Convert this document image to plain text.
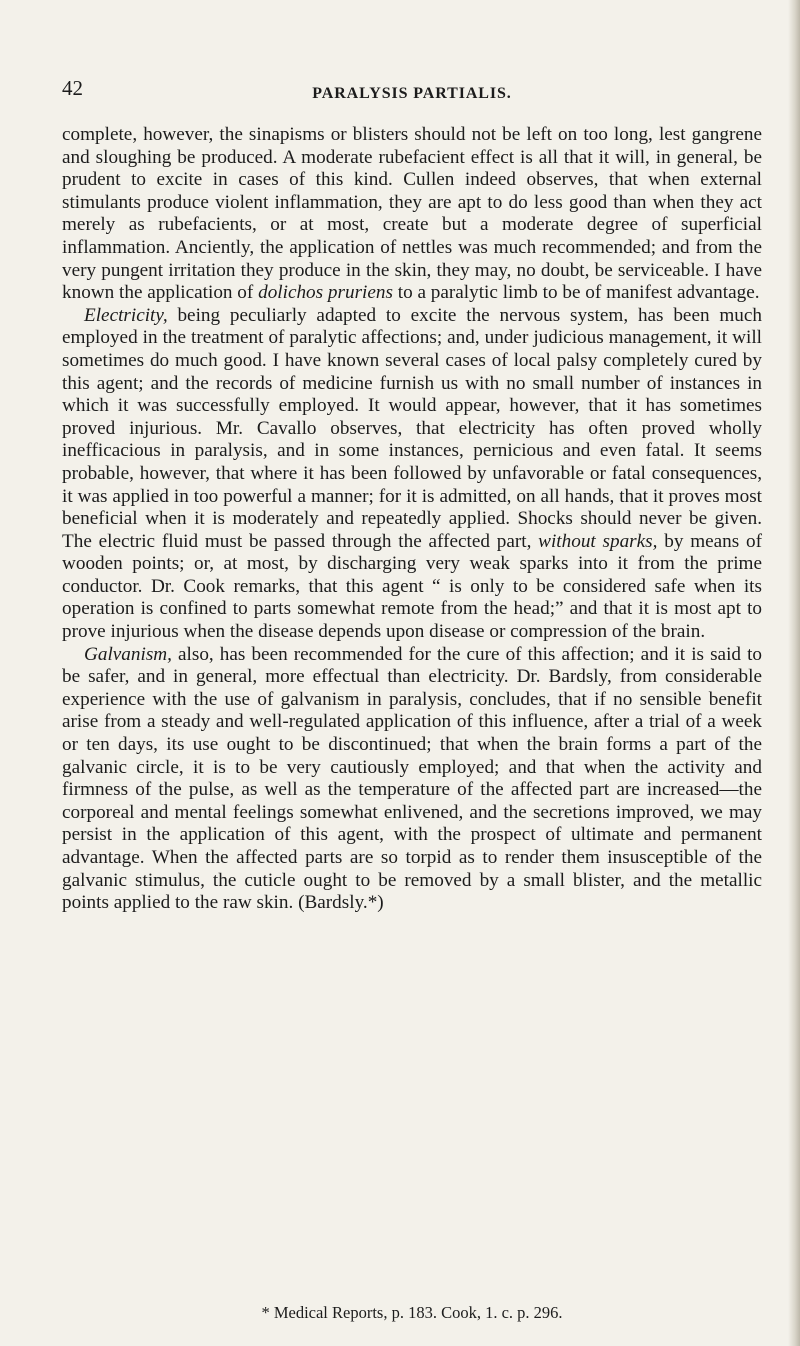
42	PARALYSIS PARTIALIS.

complete, however, the sinapisms or blisters should not be left on too long, lest gangrene and sloughing be produced. A moderate rubefacient effect is all that it will, in general, be prudent to excite in cases of this kind. Cullen indeed observes, that when external stimulants produce violent inflammation, they are apt to do less good than when they act merely as rubefacients, or at most, create but a moderate degree of superficial inflammation. Anciently, the application of nettles was much recommended; and from the very pungent irritation they produce in the skin, they may, no doubt, be serviceable. I have known the application of dolichos pruriens to a paralytic limb to be of manifest advantage.

Electricity, being peculiarly adapted to excite the nervous system, has been much employed in the treatment of paralytic affections; and, under judicious management, it will sometimes do much good. I have known several cases of local palsy completely cured by this agent; and the records of medicine furnish us with no small number of instances in which it was successfully employed. It would appear, however, that it has sometimes proved injurious. Mr. Cavallo observes, that electricity has often proved wholly inefficacious in paralysis, and in some instances, pernicious and even fatal. It seems probable, however, that where it has been followed by unfavorable or fatal consequences, it was applied in too powerful a manner; for it is admitted, on all hands, that it proves most beneficial when it is moderately and repeatedly applied. Shocks should never be given. The electric fluid must be passed through the affected part, without sparks, by means of wooden points; or, at most, by discharging very weak sparks into it from the prime conductor. Dr. Cook remarks, that this agent “ is only to be considered safe when its operation is confined to parts somewhat remote from the head;” and that it is most apt to prove injurious when the disease depends upon disease or compression of the brain.

Galvanism, also, has been recommended for the cure of this affection; and it is said to be safer, and in general, more effectual than electricity. Dr. Bardsly, from considerable experience with the use of galvanism in paralysis, concludes, that if no sensible benefit arise from a steady and well-regulated application of this influence, after a trial of a week or ten days, its use ought to be discontinued; that when the brain forms a part of the galvanic circle, it is to be very cautiously employed; and that when the activity and firmness of the pulse, as well as the temperature of the affected part are increased—the corporeal and mental feelings somewhat enlivened, and the secretions improved, we may persist in the application of this agent, with the prospect of ultimate and permanent advantage. When the affected parts are so torpid as to render them insusceptible of the galvanic stimulus, the cuticle ought to be removed by a small blister, and the metallic points applied to the raw skin. (Bardsly.*)

* Medical Reports, p. 183. Cook, 1. c. p. 296.
